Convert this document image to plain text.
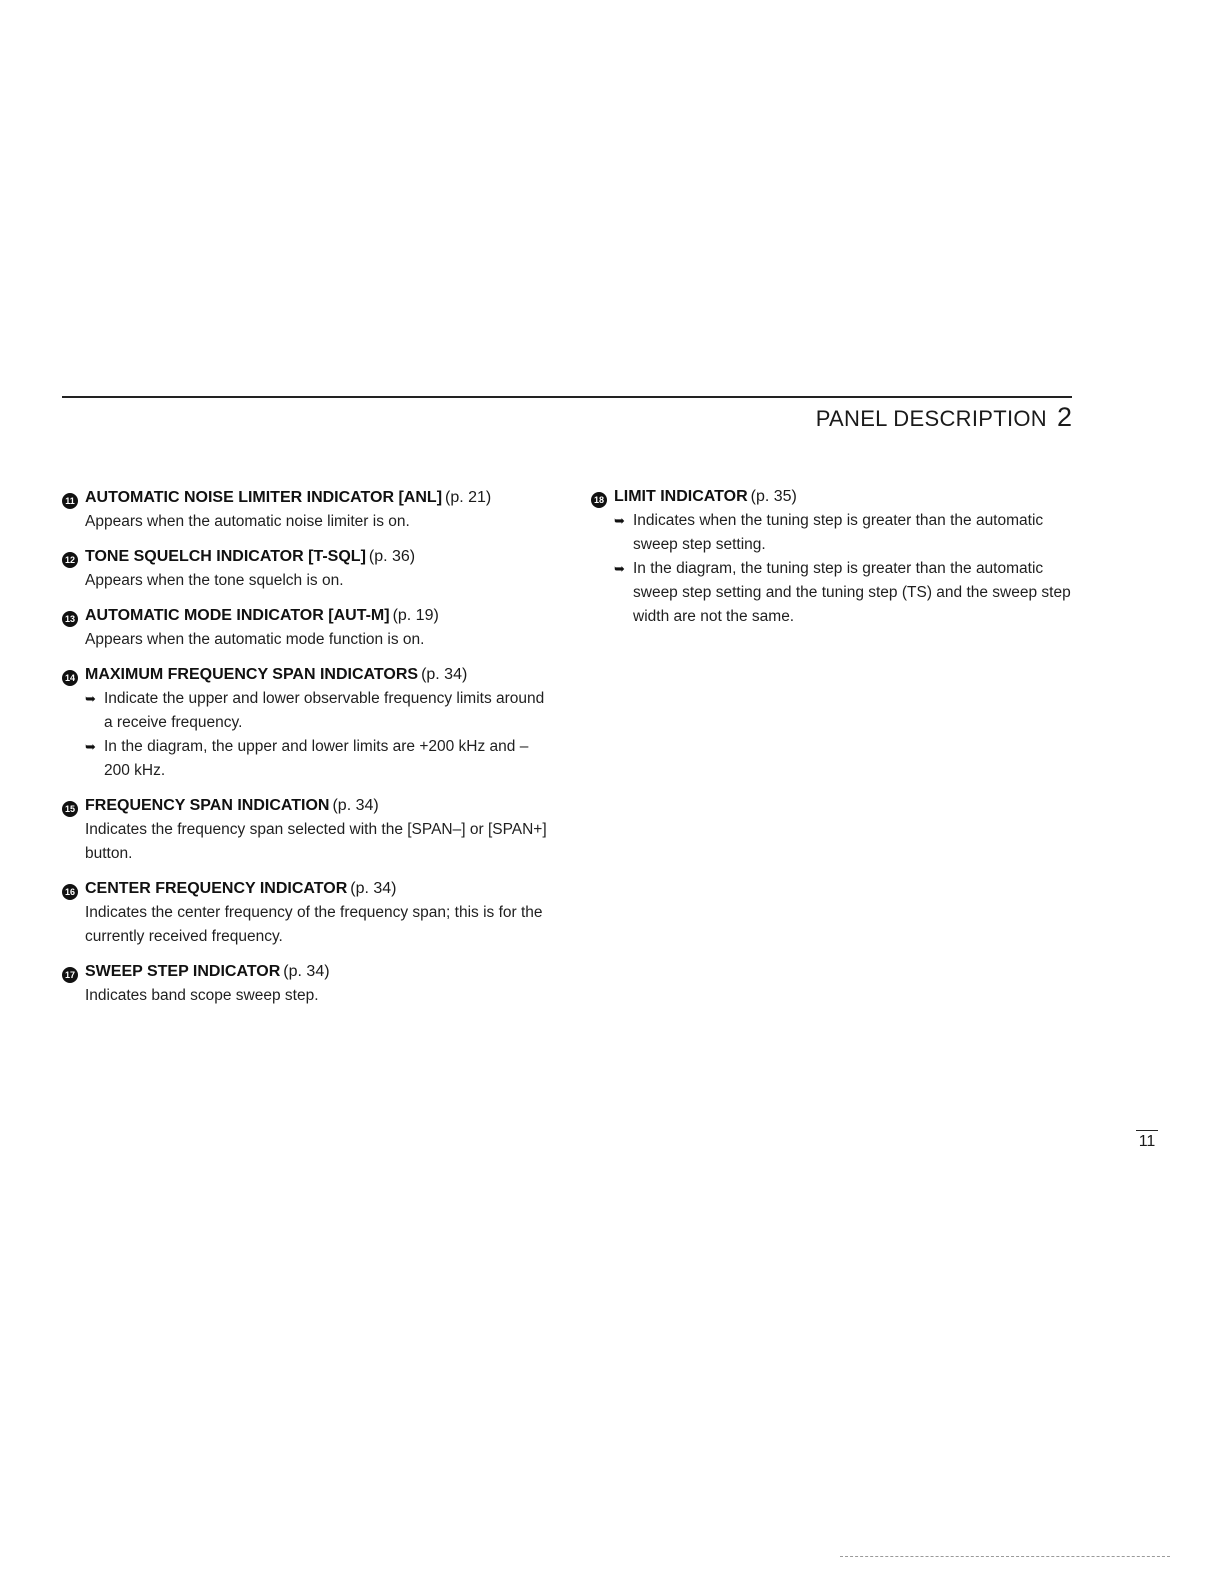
PANEL DESCRIPTION 2
11 AUTOMATIC NOISE LIMITER INDICATOR [ANL] (p. 21)
Appears when the automatic noise limiter is on.
12 TONE SQUELCH INDICATOR [T-SQL] (p. 36)
Appears when the tone squelch is on.
13 AUTOMATIC MODE INDICATOR [AUT-M] (p. 19)
Appears when the automatic mode function is on.
14 MAXIMUM FREQUENCY SPAN INDICATORS (p. 34)
➥ Indicate the upper and lower observable frequency limits around a receive frequency.
➥ In the diagram, the upper and lower limits are +200 kHz and –200 kHz.
15 FREQUENCY SPAN INDICATION (p. 34)
Indicates the frequency span selected with the [SPAN–] or [SPAN+] button.
16 CENTER FREQUENCY INDICATOR (p. 34)
Indicates the center frequency of the frequency span; this is for the currently received frequency.
17 SWEEP STEP INDICATOR (p. 34)
Indicates band scope sweep step.
18 LIMIT INDICATOR (p. 35)
➥ Indicates when the tuning step is greater than the automatic sweep step setting.
➥ In the diagram, the tuning step is greater than the automatic sweep step setting and the tuning step (TS) and the sweep step width are not the same.
11
